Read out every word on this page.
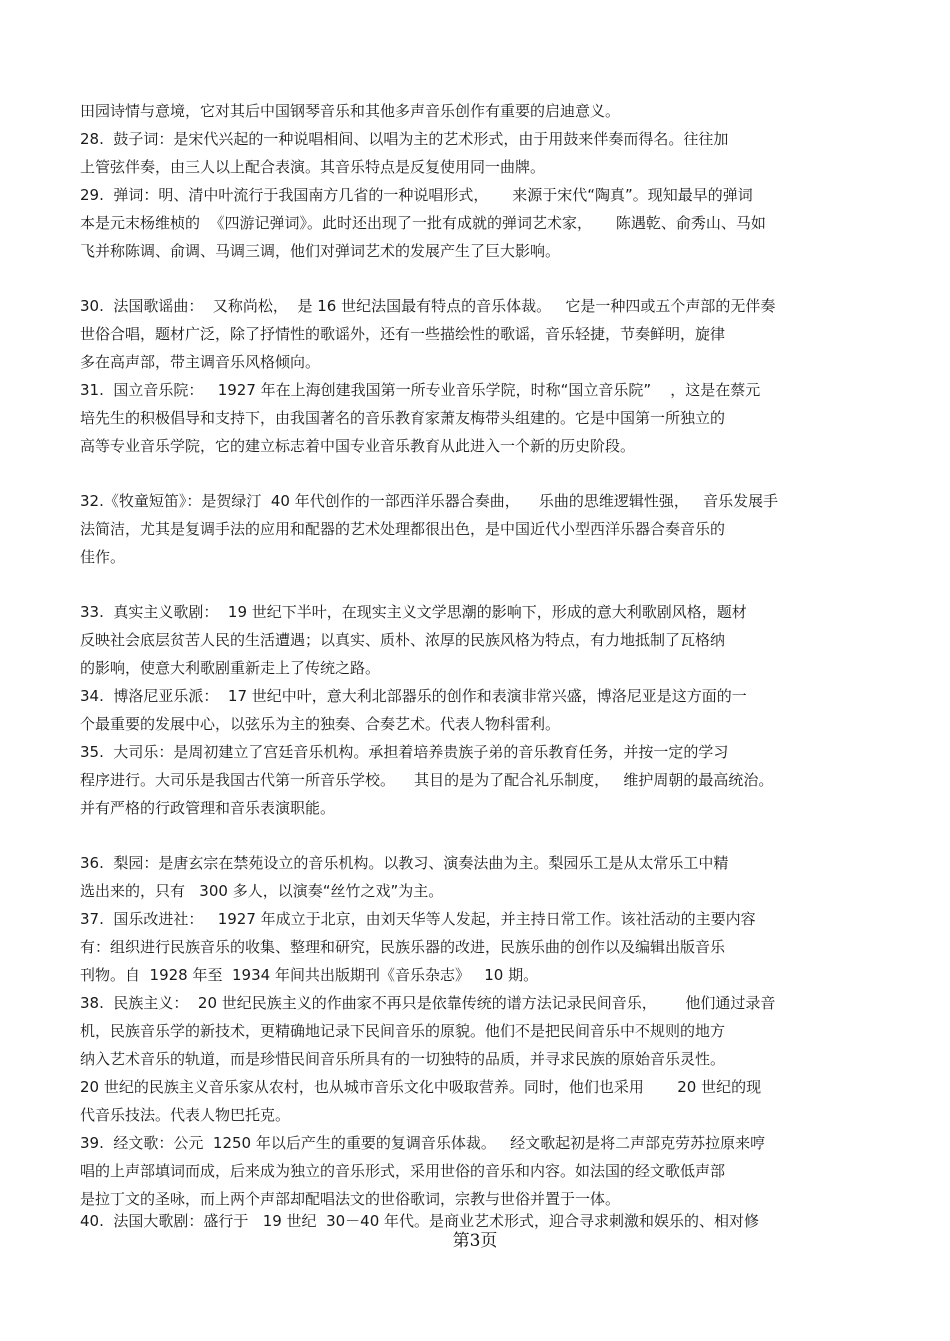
田园诗情与意境，它对其后中国钢琴音乐和其他多声音乐创作有重要的启迪意义。
28.  鼓子词：是宋代兴起的一种说唱相间、以唱为主的艺术形式，由于用鼓来伴奏而得名。往往加
上管弦伴奏，由三人以上配合表演。其音乐特点是反复使用同一曲牌。
29.  弹词：明、清中叶流行于我国南方几省的一种说唱形式，     来源于宋代“陶真”。现知最早的弹词
本是元末杨维桢的  《四游记弹词》。此时还出现了一批有成就的弹词艺术家，     陈遇乾、俞秀山、马如
飞并称陈调、俞调、马调三调，他们对弹词艺术的发展产生了巨大影响。
30.  法国歌谣曲：  又称尚松，  是 16 世纪法国最有特点的音乐体裁。   它是一种四或五个声部的无伴奏
世俗合唱，题材广泛，除了抒情性的歌谣外，还有一些描绘性的歌谣，音乐轻捷，节奏鲜明，旋律
多在高声部，带主调音乐风格倾向。
31.  国立音乐院：   1927 年在上海创建我国第一所专业音乐学院，时称“国立音乐院”    ，这是在蔡元
培先生的积极倡导和支持下，由我国著名的音乐教育家萧友梅带头组建的。它是中国第一所独立的
高等专业音乐学院，它的建立标志着中国专业音乐教育从此进入一个新的历史阶段。
32.《牧童短笛》：是贺绿汀  40 年代创作的一部西洋乐器合奏曲，    乐曲的思维逻辑性强，   音乐发展手
法简洁，尤其是复调手法的应用和配器的艺术处理都很出色，是中国近代小型西洋乐器合奏音乐的
佳作。
33.  真实主义歌剧：  19 世纪下半叶，在现实主义文学思潮的影响下，形成的意大利歌剧风格，题材
反映社会底层贫苦人民的生活遭遇；以真实、质朴、浓厚的民族风格为特点，有力地抵制了瓦格纳
的影响，使意大利歌剧重新走上了传统之路。
34.  博洛尼亚乐派：  17 世纪中叶，意大利北部器乐的创作和表演非常兴盛，博洛尼亚是这方面的一
个最重要的发展中心，以弦乐为主的独奏、合奏艺术。代表人物科雷利。
35.  大司乐：是周初建立了宫廷音乐机构。承担着培养贵族子弟的音乐教育任务，并按一定的学习
程序进行。大司乐是我国古代第一所音乐学校。    其目的是为了配合礼乐制度，   维护周朝的最高统治。
并有严格的行政管理和音乐表演职能。
36.  梨园：是唐玄宗在禁苑设立的音乐机构。以教习、演奏法曲为主。梨园乐工是从太常乐工中精
选出来的，只有   300 多人，以演奏“丝竹之戏”为主。
37.  国乐改进社：   1927 年成立于北京，由刘天华等人发起，并主持日常工作。该社活动的主要内容
有：组织进行民族音乐的收集、整理和研究，民族乐器的改进，民族乐曲的创作以及编辑出版音乐
刊物。自  1928 年至  1934 年间共出版期刊《音乐杂志》   10 期。
38.  民族主义：  20 世纪民族主义的作曲家不再只是依靠传统的谱方法记录民间音乐，      他们通过录音
机，民族音乐学的新技术，更精确地记录下民间音乐的原貌。他们不是把民间音乐中不规则的地方
纳入艺术音乐的轨道，而是珍惜民间音乐所具有的一切独特的品质，并寻求民族的原始音乐灵性。
20 世纪的民族主义音乐家从农村，也从城市音乐文化中吸取营养。同时，他们也采用       20 世纪的现
代音乐技法。代表人物巴托克。
39.  经文歌：公元  1250 年以后产生的重要的复调音乐体裁。   经文歌起初是将二声部克劳苏拉原来哼
唱的上声部填词而成，后来成为独立的音乐形式，采用世俗的音乐和内容。如法国的经文歌低声部
是拉丁文的圣咏，而上两个声部却配唱法文的世俗歌词，宗教与世俗并置于一体。
40.  法国大歌剧：盛行于   19 世纪  30－40 年代。是商业艺术形式，迎合寻求刺激和娱乐的、相对修
第3页
